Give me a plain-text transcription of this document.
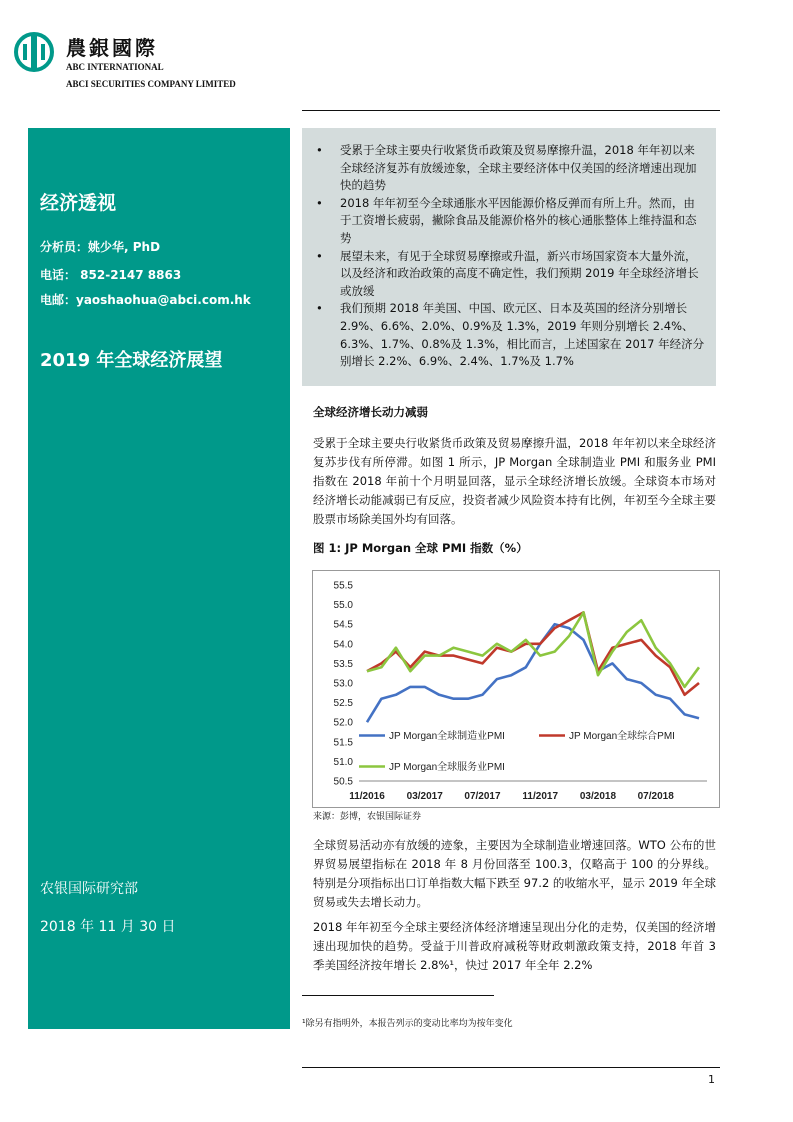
農銀國際
ABC INTERNATIONAL
ABCI SECURITIES COMPANY LIMITED
经济透视
分析员：姚少华, PhD
电话： 852-2147 8863
电邮：yaoshaohua@abci.com.hk
2019 年全球经济展望
农银国际研究部
2018 年 11 月 30 日
• 受累于全球主要央行收紧货币政策及贸易摩擦升温，2018 年年初以来全球经济复苏有放缓迹象，全球主要经济体中仅美国的经济增速出现加快的趋势
• 2018 年年初至今全球通胀水平因能源价格反弹而有所上升。然而，由于工资增长疲弱，撇除食品及能源价格外的核心通胀整体上维持温和态势
• 展望未来，有见于全球贸易摩擦或升温，新兴市场国家资本大量外流，以及经济和政治政策的高度不确定性，我们预期 2019 年全球经济增长或放缓
• 我们预期 2018 年美国、中国、欧元区、日本及英国的经济分别增长 2.9%、6.6%、2.0%、0.9%及 1.3%，2019 年则分别增长 2.4%、6.3%、1.7%、0.8%及 1.3%，相比而言，上述国家在 2017 年经济分别增长 2.2%、6.9%、2.4%、1.7%及 1.7%
全球经济增长动力减弱
受累于全球主要央行收紧货币政策及贸易摩擦升温，2018 年年初以来全球经济复苏步伐有所停滞。如图 1 所示，JP Morgan 全球制造业 PMI 和服务业 PMI 指数在 2018 年前十个月明显回落，显示全球经济增长放缓。全球资本市场对经济增长动能减弱已有反应，投资者减少风险资本持有比例，年初至今全球主要股票市场除美国外均有回落。
图 1: JP Morgan 全球 PMI 指数（%）
50.5
51.0
51.5
52.0
52.5
53.0
53.5
54.0
54.5
55.0
55.5
11/2016 03/2017 07/2017 11/2017 03/2018 07/2018
JP Morgan全球制造业PMI	JP Morgan全球综合PMI
JP Morgan全球服务业PMI
来源：彭博，农银国际证券
全球贸易活动亦有放缓的迹象，主要因为全球制造业增速回落。WTO 公布的世界贸易展望指标在 2018 年 8 月份回落至 100.3，仅略高于 100 的分界线。特别是分项指标出口订单指数大幅下跌至 97.2 的收缩水平，显示 2019 年全球贸易或失去增长动力。
2018 年年初至今全球主要经济体经济增速呈现出分化的走势，仅美国的经济增速出现加快的趋势。受益于川普政府减税等财政刺激政策支持，2018 年首 3 季美国经济按年增长 2.8%¹，快过 2017 年全年 2.2%
¹除另有指明外，本报告列示的变动比率均为按年变化
1
